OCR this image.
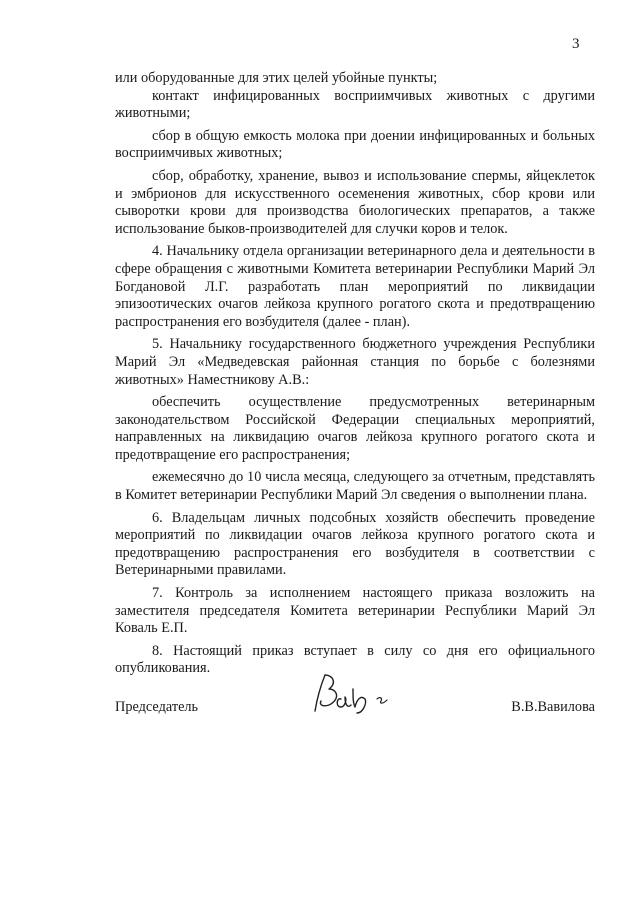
3

или оборудованные для этих целей убойные пункты;

контакт инфицированных восприимчивых животных с другими животными;

сбор в общую емкость молока при доении инфицированных и больных восприимчивых животных;

сбор, обработку, хранение, вывоз и использование спермы, яйцеклеток и эмбрионов для искусственного осеменения животных, сбор крови или сыворотки крови для производства биологических препаратов, а также использование быков-производителей для случки коров и телок.

4. Начальнику отдела организации ветеринарного дела и деятельности в сфере обращения с животными Комитета ветеринарии Республики Марий Эл Богдановой Л.Г. разработать план мероприятий по ликвидации эпизоотических очагов лейкоза крупного рогатого скота и предотвращению распространения его возбудителя (далее - план).

5. Начальнику государственного бюджетного учреждения Республики Марий Эл «Медведевская районная станция по борьбе с болезнями животных» Наместникову А.В.:

обеспечить осуществление предусмотренных ветеринарным законодательством Российской Федерации специальных мероприятий, направленных на ликвидацию очагов лейкоза крупного рогатого скота и предотвращение его распространения;

ежемесячно до 10 числа месяца, следующего за отчетным, представлять в Комитет ветеринарии Республики Марий Эл сведения о выполнении плана.

6. Владельцам личных подсобных хозяйств обеспечить проведение мероприятий по ликвидации очагов лейкоза крупного рогатого скота и предотвращению распространения его возбудителя в соответствии с Ветеринарными правилами.

7. Контроль за исполнением настоящего приказа возложить на заместителя председателя Комитета ветеринарии Республики Марий Эл Коваль Е.П.

8. Настоящий приказ вступает в силу со дня его официального опубликования.

Председатель	В.В.Вавилова
